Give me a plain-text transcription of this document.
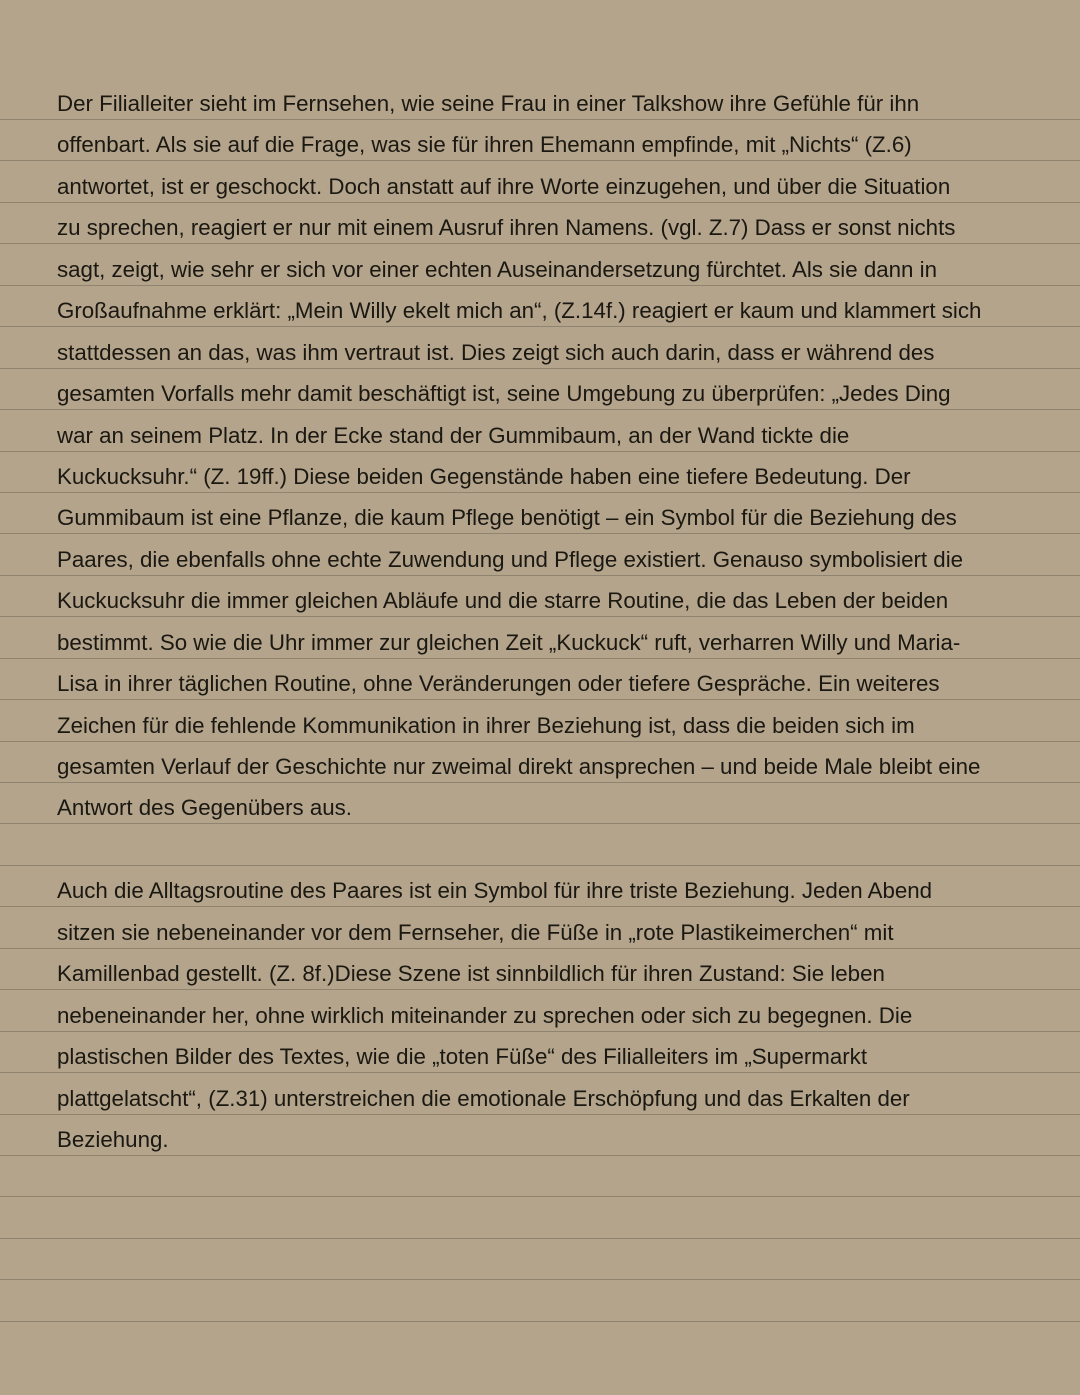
Der Filialleiter sieht im Fernsehen, wie seine Frau in einer Talkshow ihre Gefühle für ihn
offenbart. Als sie auf die Frage, was sie für ihren Ehemann empfinde, mit „Nichts“ (Z.6)
antwortet, ist er geschockt. Doch anstatt auf ihre Worte einzugehen, und über die Situation
zu sprechen, reagiert er nur mit einem Ausruf ihren Namens. (vgl. Z.7) Dass er sonst nichts
sagt, zeigt, wie sehr er sich vor einer echten Auseinandersetzung fürchtet. Als sie dann in
Großaufnahme erklärt: „Mein Willy ekelt mich an“, (Z.14f.) reagiert er kaum und klammert sich
stattdessen an das, was ihm vertraut ist. Dies zeigt sich auch darin, dass er während des
gesamten Vorfalls mehr damit beschäftigt ist, seine Umgebung zu überprüfen: „Jedes Ding
war an seinem Platz. In der Ecke stand der Gummibaum, an der Wand tickte die
Kuckucksuhr.“ (Z. 19ff.) Diese beiden Gegenstände haben eine tiefere Bedeutung. Der
Gummibaum ist eine Pflanze, die kaum Pflege benötigt – ein Symbol für die Beziehung des
Paares, die ebenfalls ohne echte Zuwendung und Pflege existiert. Genauso symbolisiert die
Kuckucksuhr die immer gleichen Abläufe und die starre Routine, die das Leben der beiden
bestimmt. So wie die Uhr immer zur gleichen Zeit „Kuckuck“ ruft, verharren Willy und Maria-
Lisa in ihrer täglichen Routine, ohne Veränderungen oder tiefere Gespräche. Ein weiteres
Zeichen für die fehlende Kommunikation in ihrer Beziehung ist, dass die beiden sich im
gesamten Verlauf der Geschichte nur zweimal direkt ansprechen – und beide Male bleibt eine
Antwort des Gegenübers aus.
Auch die Alltagsroutine des Paares ist ein Symbol für ihre triste Beziehung. Jeden Abend
sitzen sie nebeneinander vor dem Fernseher, die Füße in „rote Plastikeimerchen“ mit
Kamillenbad gestellt. (Z. 8f.)Diese Szene ist sinnbildlich für ihren Zustand: Sie leben
nebeneinander her, ohne wirklich miteinander zu sprechen oder sich zu begegnen. Die
plastischen Bilder des Textes, wie die „toten Füße“ des Filialleiters im „Supermarkt
plattgelatscht“, (Z.31) unterstreichen die emotionale Erschöpfung und das Erkalten der
Beziehung.
